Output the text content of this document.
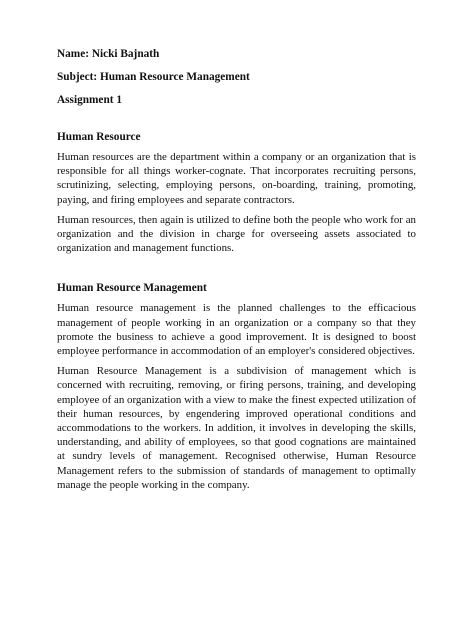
Name: Nicki Bajnath

Subject: Human Resource Management

Assignment 1

Human Resource

Human resources are the department within a company or an organization that is responsible for all things worker-cognate. That incorporates recruiting persons, scrutinizing, selecting, employing persons, on-boarding, training, promoting, paying, and firing employees and separate contractors.

Human resources, then again is utilized to define both the people who work for an organization and the division in charge for overseeing assets associated to organization and management functions.

Human Resource Management

Human resource management is the planned challenges to the efficacious management of people working in an organization or a company so that they promote the business to achieve a good improvement. It is designed to boost employee performance in accommodation of an employer's considered objectives.

Human Resource Management is a subdivision of management which is concerned with recruiting, removing, or firing persons, training, and developing employee of an organization with a view to make the finest expected utilization of their human resources, by engendering improved operational conditions and accommodations to the workers. In addition, it involves in developing the skills, understanding, and ability of employees, so that good cognations are maintained at sundry levels of management. Recognised otherwise, Human Resource Management refers to the submission of standards of management to optimally manage the people working in the company.
